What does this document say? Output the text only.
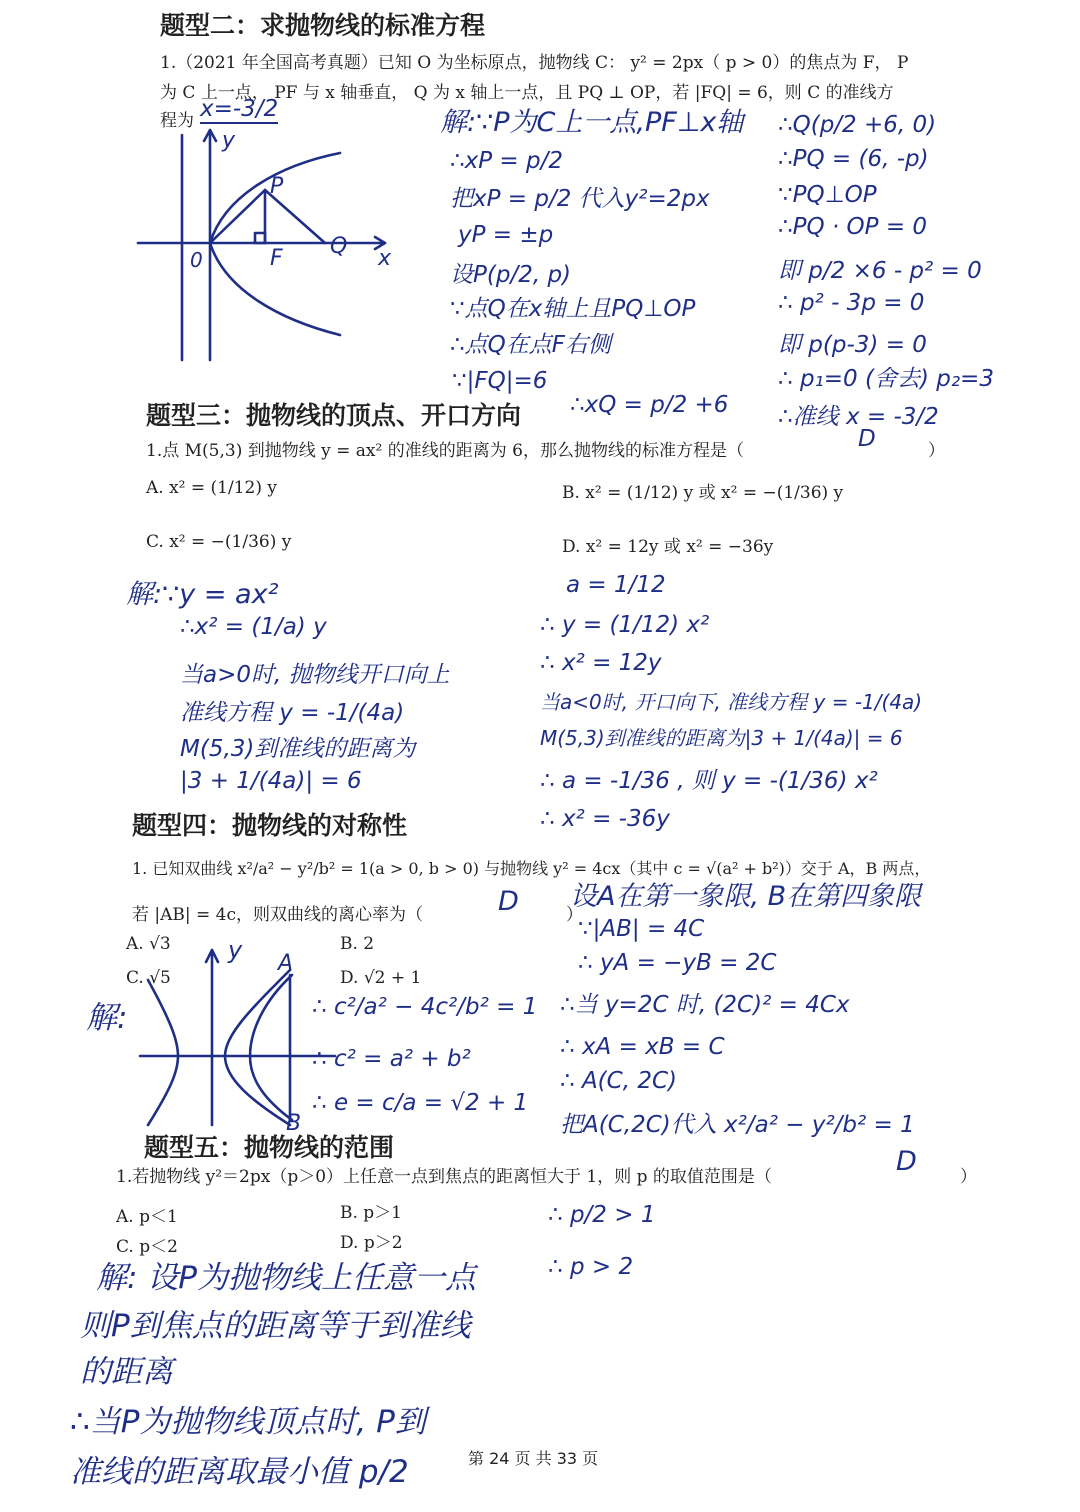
题型二：求抛物线的标准方程
1.（2021 年全国高考真题）已知 O 为坐标原点，抛物线 C： y² = 2px（ p > 0）的焦点为 F， P
为 C 上一点， PF 与 x 轴垂直， Q 为 x 轴上一点，且 PQ ⊥ OP，若 |FQ| = 6，则 C 的准线方
程为 x=-3/2
y
x
0
P
F Q
解:∵P为C上一点,PF⊥x轴
∴xP = p/2
把xP = p/2 代入y²=2px
yP = ±p
设P(p/2, p)
∵点Q在x轴上且PQ⊥OP
∴点Q在点F右侧
∵|FQ|=6
∴xQ = p/2 +6
∴Q(p/2 +6, 0)
∴PQ = (6, -p)
∵PQ⊥OP
∴PQ · OP = 0
即 p/2 ×6 - p² = 0
∴ p² - 3p = 0
即 p(p-3) = 0
∴ p₁=0 (舍去) p₂=3
∴准线 x = -3/2
题型三：抛物线的顶点、开口方向
1.点 M(5,3) 到抛物线 y = ax² 的准线的距离为 6，那么抛物线的标准方程是（	D	）
A. x² = (1/12) y	B. x² = (1/12) y 或 x² = −(1/36) y
C. x² = −(1/36) y	D. x² = 12y 或 x² = −36y
解:∵y = ax²
∴x² = (1/a) y
当a>0时, 抛物线开口向上
准线方程 y = -1/(4a)
M(5,3)到准线的距离为
|3 + 1/(4a)| = 6
a = 1/12
∴ y = (1/12) x²
∴ x² = 12y
当a<0时, 开口向下, 准线方程 y = -1/(4a)
M(5,3)到准线的距离为|3 + 1/(4a)| = 6
∴ a = -1/36 , 则 y = -(1/36) x²
∴ x² = -36y
题型四：抛物线的对称性
1. 已知双曲线 x²/a² − y²/b² = 1(a > 0, b > 0) 与抛物线 y² = 4cx（其中 c = √(a² + b²)）交于 A，B 两点，
若 |AB| = 4c，则双曲线的离心率为（	D	）
A. √3	B. 2
C. √5	D. √2 + 1
解:
y A
B
∴ c²/a² − 4c²/b² = 1
∴ c² = a² + b²
∴ e = c/a = √2 + 1
设A在第一象限, B在第四象限
∵|AB| = 4C
∴ yA = −yB = 2C
∴当 y=2C 时, (2C)² = 4Cx
∴ xA = xB = C
∴ A(C, 2C)
把A(C,2C)代入 x²/a² − y²/b² = 1
题型五：抛物线的范围
1.若抛物线 y²＝2px（p＞0）上任意一点到焦点的距离恒大于 1，则 p 的取值范围是（	D	）
A. p＜1	B. p＞1
C. p＜2	D. p＞2
∴ p/2 > 1
∴ p > 2
解: 设P为抛物线上任意一点
则P到焦点的距离等于到准线
的距离
∴当P为抛物线顶点时, P到
准线的距离取最小值 p/2	第 24 页 共 33 页
